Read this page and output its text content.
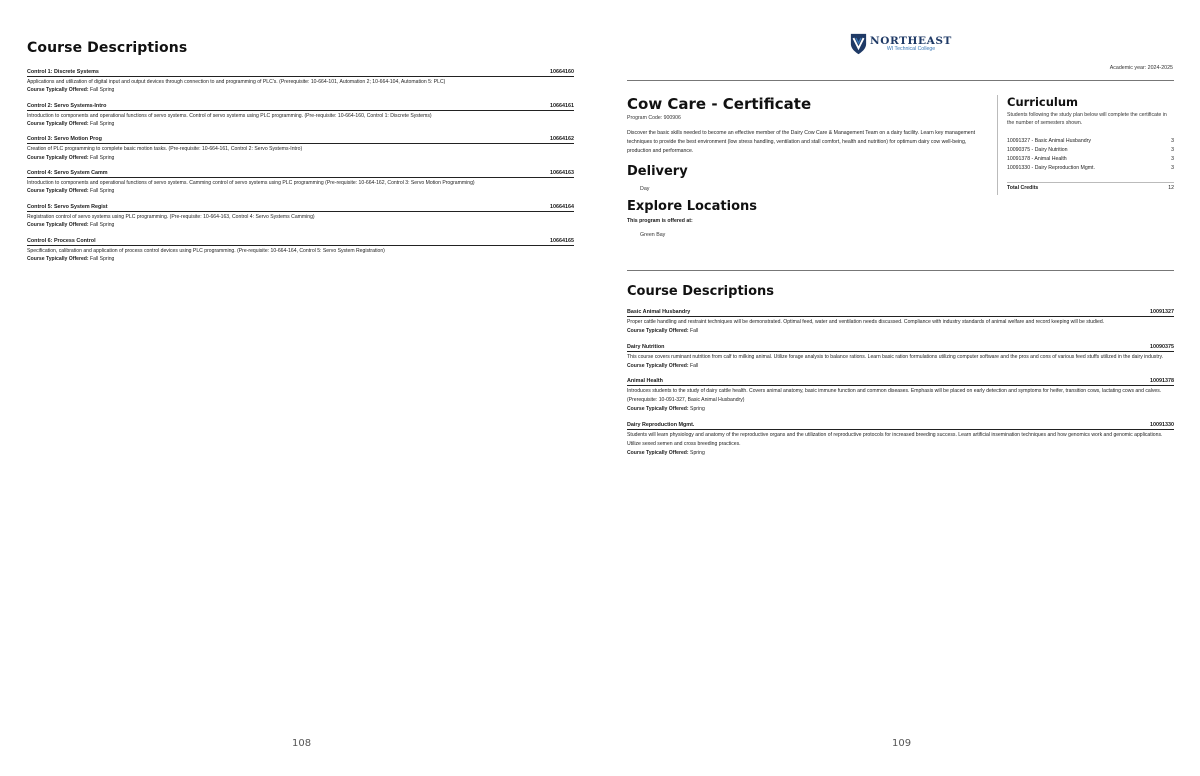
Course Descriptions
Control 1: Discrete Systems	10664160
Applications and utilization of digital input and output devices through connection to and programming of PLC's. (Prerequisite: 10-664-101, Automation 2; 10-664-104, Automation 5: PLC)
Course Typically Offered: Fall Spring
Control 2: Servo Systems-Intro	10664161
Introduction to components and operational functions of servo systems. Control of servo systems using PLC programming. (Pre-requisite: 10-664-160, Control 1: Discrete Systems)
Course Typically Offered: Fall Spring
Control 3: Servo Motion Prog	10664162
Creation of PLC programming to complete basic motion tasks. (Pre-requisite: 10-664-161, Control 2: Servo Systems-Intro)
Course Typically Offered: Fall Spring
Control 4: Servo System Camm	10664163
Introduction to components and operational functions of servo systems. Camming control of servo systems using PLC programming (Pre-requisite: 10-664-162, Control 3: Servo Motion Programming)
Course Typically Offered: Fall Spring
Control 5: Servo System Regist	10664164
Registration control of servo systems using PLC programming. (Pre-requisite: 10-664-163, Control 4: Servo Systems Camming)
Course Typically Offered: Fall Spring
Control 6: Process Control	10664165
Specification, calibration and application of process control devices using PLC programming. (Pre-requisite: 10-664-164, Control 5: Servo System Registration)
Course Typically Offered: Fall Spring
108
NORTHEAST
WI Technical College
Academic year: 2024-2025
Cow Care - Certificate
Program Code: 900906
Discover the basic skills needed to become an effective member of the Dairy Cow Care & Management Team on a dairy facility. Learn key management techniques to provide the best environment (low stress handling, ventilation and stall comfort, health and nutrition) for optimum dairy cow well-being, production and performance.
Delivery
Day
Explore Locations
This program is offered at:
Green Bay
Curriculum
Students following the study plan below will complete the certificate in the number of semesters shown.
10091327 - Basic Animal Husbandry	3
10090375 - Dairy Nutrition	3
10091378 - Animal Health	3
10091330 - Dairy Reproduction Mgmt.	3
Total Credits	12
Course Descriptions
Basic Animal Husbandry	10091327
Proper cattle handling and restraint techniques will be demonstrated. Optimal feed, water and ventilation needs discussed. Compliance with industry standards of animal welfare and record keeping will be studied.
Course Typically Offered: Fall
Dairy Nutrition	10090375
This course covers ruminant nutrition from calf to milking animal. Utilize forage analysis to balance rations. Learn basic ration formulations utilizing computer software and the pros and cons of various feed stuffs utilized in the dairy industry.
Course Typically Offered: Fall
Animal Health	10091378
Introduces students to the study of dairy cattle health. Covers animal anatomy, basic immune function and common diseases. Emphasis will be placed on early detection and symptoms for heifer, transition cows, lactating cows and calves. (Prerequisite: 10-091-327, Basic Animal Husbandry)
Course Typically Offered: Spring
Dairy Reproduction Mgmt.	10091330
Students will learn physiology and anatomy of the reproductive organs and the utilization of reproductive protocols for increased breeding success. Learn artificial insemination techniques and how genomics work and genomic applications. Utilize sexed semen and cross breeding practices.
Course Typically Offered: Spring
109
